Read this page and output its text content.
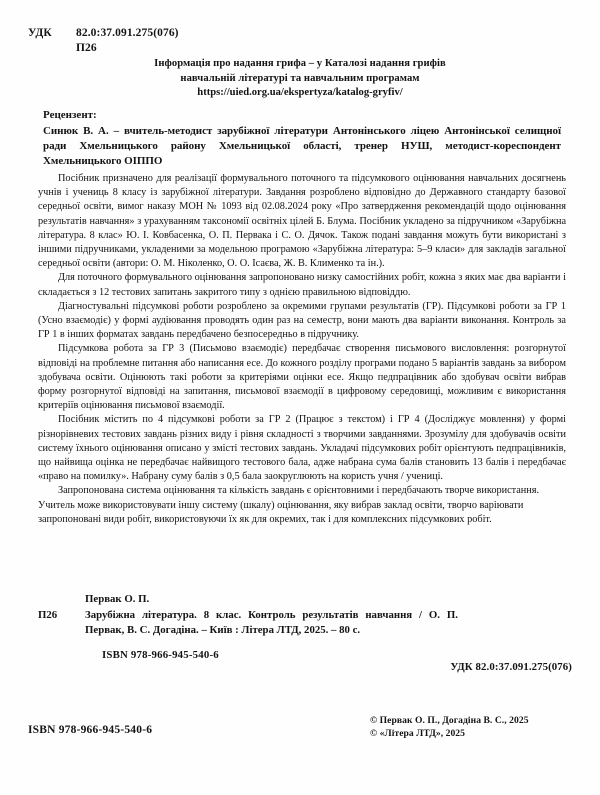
УДК	82.0:37.091.275(076)
П26
Інформація про надання грифа – у Каталозі надання грифів
навчальній літературі та навчальним програмам
https://uied.org.ua/ekspertyza/katalog-gryfiv/
Рецензент:
Синюк В. А. – вчитель-методист зарубіжної літератури Антонінського ліцею Антонінської селищної ради Хмельницького району Хмельницької області, тренер НУШ, методист-кореспондент Хмельницького ОІППО

Посібник призначено для реалізації формувального поточного та підсумкового оцінювання навчальних досягнень учнів і учениць 8 класу із зарубіжної літератури. Завдання розроблено відповідно до Державного стандарту базової середньої освіти, вимог наказу МОН № 1093 від 02.08.2024 року «Про затвердження рекомендацій щодо оцінювання результатів навчання» з урахуванням таксономії освітніх цілей Б. Блума. Посібник укладено за підручником «Зарубіжна література. 8 клас» Ю. І. Ковбасенка, О. П. Первака і С. О. Дячок. Також подані завдання можуть бути використані з іншими підручниками, укладеними за модельною програмою «Зарубіжна література: 5–9 класи» для закладів загальної середньої освіти (автори: О. М. Ніколенко, О. О. Ісаєва, Ж. В. Клименко та ін.).

Для поточного формувального оцінювання запропоновано низку самостійних робіт, кожна з яких має два варіанти і складається з 12 тестових запитань закритого типу з однією правильною відповіддю.

Діагностувальні підсумкові роботи розроблено за окремими групами результатів (ГР). Підсумкові роботи за ГР 1 (Усно взаємодіє) у формі аудіювання проводять один раз на семестр, вони мають два варіанти виконання. Контроль за ГР 1 в інших форматах завдань передбачено безпосередньо в підручнику.

Підсумкова робота за ГР 3 (Письмово взаємодіє) передбачає створення письмового висловлення: розгорнутої відповіді на проблемне питання або написання есе. До кожного розділу програми подано 5 варіантів завдань за вибором здобувача освіти. Оцінюють такі роботи за критеріями оцінки есе. Якщо педпрацівник або здобувач освіти вибрав форму розгорнутої відповіді на запитання, письмової взаємодії в цифровому середовищі, можливим є використання критеріїв оцінювання письмової взаємодії.

Посібник містить по 4 підсумкові роботи за ГР 2 (Працює з текстом) і ГР 4 (Досліджує мовлення) у формі різнорівневих тестових завдань різних виду і рівня складності з творчими завданнями. Зрозумілу для здобувачів освіти систему їхнього оцінювання описано у змісті тестових завдань. Укладачі підсумкових робіт орієнтують педпрацівників, що найвища оцінка не передбачає найвищого тестового бала, адже набрана сума балів становить 13 балів і передбачає «право на помилку». Набрану суму балів з 0,5 бала заокруглюють на користь учня / учениці.

Запропонована система оцінювання та кількість завдань є орієнтовними і передбачають творче використання. Учитель може використовувати іншу систему (шкалу) оцінювання, яку вибрав заклад освіти, творчо варіювати запропоновані види робіт, використовуючи їх як для окремих, так і для комплексних підсумкових робіт.

Первак О. П.
П26	Зарубіжна література. 8 клас. Контроль результатів навчання / О. П. Первак, В. С. Догадіна. – Київ : Літера ЛТД, 2025. – 80 с.
ISBN 978-966-945-540-6
УДК 82.0:37.091.275(076)
ISBN 978-966-945-540-6
© Первак О. П., Догадіна В. С., 2025
© «Літера ЛТД», 2025
